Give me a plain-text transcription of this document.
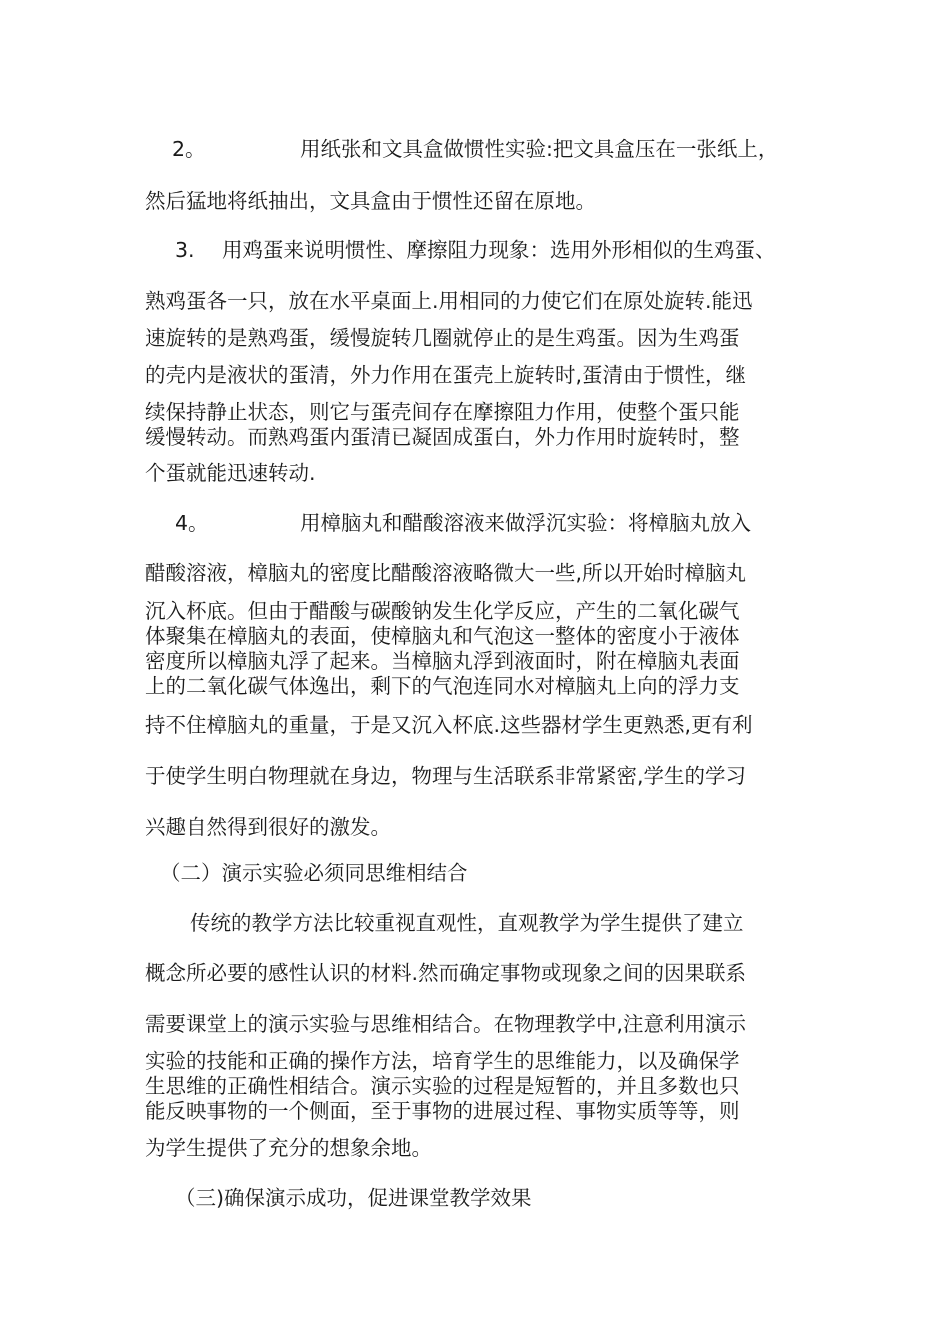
2。	用纸张和文具盒做惯性实验:把文具盒压在一张纸上，
然后猛地将纸抽出，文具盒由于惯性还留在原地。
3. 用鸡蛋来说明惯性、摩擦阻力现象：选用外形相似的生鸡蛋、
熟鸡蛋各一只，放在水平桌面上.用相同的力使它们在原处旋转.能迅
速旋转的是熟鸡蛋，缓慢旋转几圈就停止的是生鸡蛋。因为生鸡蛋
的壳内是液状的蛋清，外力作用在蛋壳上旋转时,蛋清由于惯性，继
续保持静止状态，则它与蛋壳间存在摩擦阻力作用，使整个蛋只能
缓慢转动。而熟鸡蛋内蛋清已凝固成蛋白，外力作用时旋转时，整
个蛋就能迅速转动.
4。	用樟脑丸和醋酸溶液来做浮沉实验：将樟脑丸放入
醋酸溶液，樟脑丸的密度比醋酸溶液略微大一些,所以开始时樟脑丸
沉入杯底。但由于醋酸与碳酸钠发生化学反应，产生的二氧化碳气
体聚集在樟脑丸的表面，使樟脑丸和气泡这一整体的密度小于液体
密度所以樟脑丸浮了起来。当樟脑丸浮到液面时，附在樟脑丸表面
上的二氧化碳气体逸出，剩下的气泡连同水对樟脑丸上向的浮力支
持不住樟脑丸的重量，于是又沉入杯底.这些器材学生更熟悉,更有利
于使学生明白物理就在身边，物理与生活联系非常紧密,学生的学习
兴趣自然得到很好的激发。
（二）演示实验必须同思维相结合
传统的教学方法比较重视直观性，直观教学为学生提供了建立
概念所必要的感性认识的材料.然而确定事物或现象之间的因果联系
需要课堂上的演示实验与思维相结合。在物理教学中,注意利用演示
实验的技能和正确的操作方法，培育学生的思维能力，以及确保学
生思维的正确性相结合。演示实验的过程是短暂的，并且多数也只
能反映事物的一个侧面，至于事物的进展过程、事物实质等等，则
为学生提供了充分的想象余地。
（三)确保演示成功，促进课堂教学效果
